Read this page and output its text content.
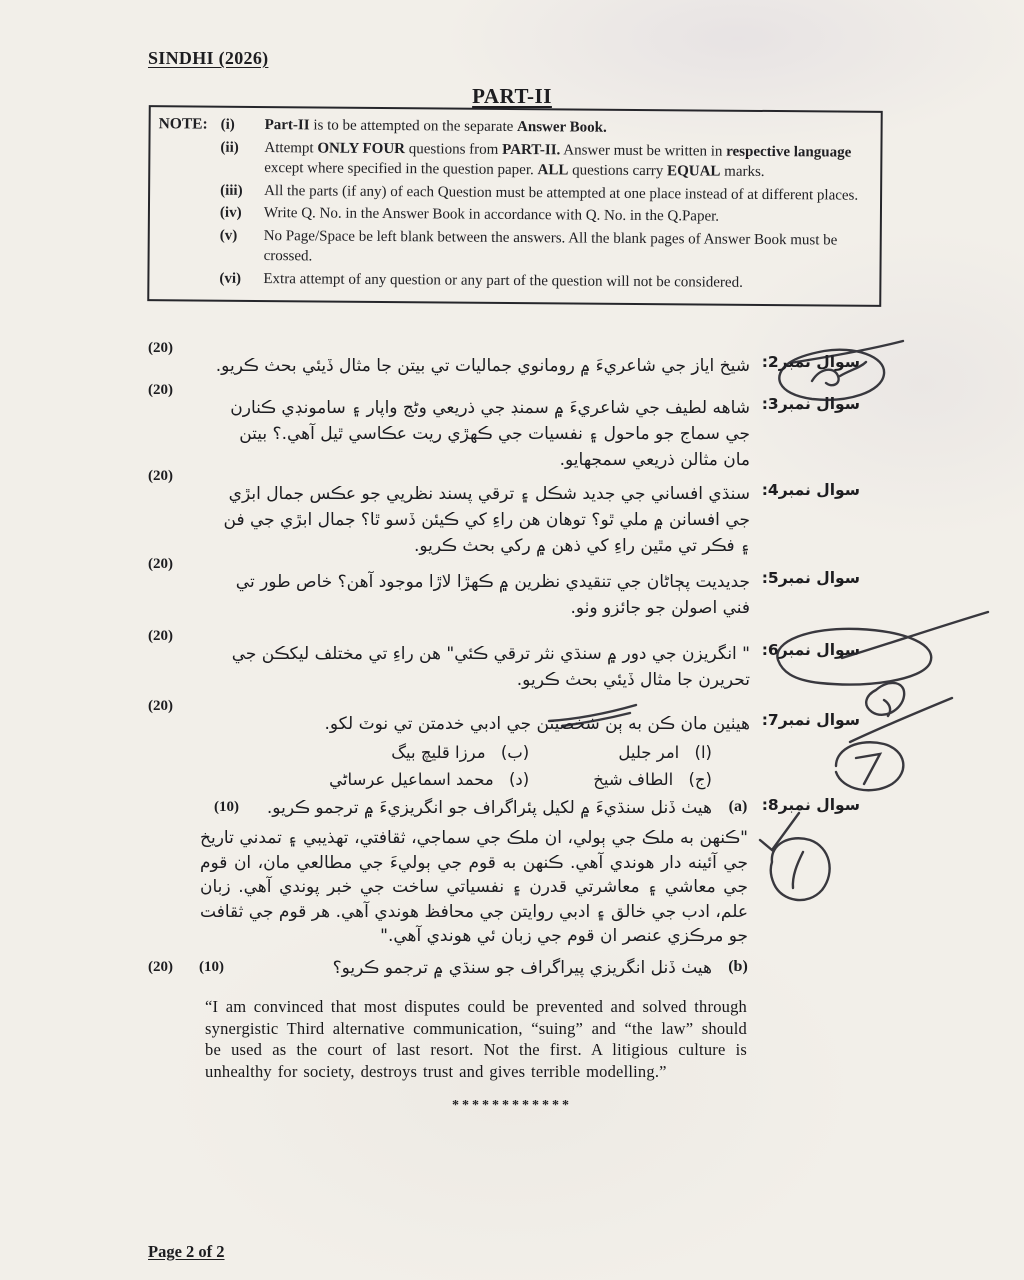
SINDHI (2026)
PART-II
NOTE: (i)	Part-II is to be attempted on the separate Answer Book.
(ii)	Attempt ONLY FOUR questions from PART-II. Answer must be written in respective language except where specified in the question paper. ALL questions carry EQUAL marks.
(iii)	All the parts (if any) of each Question must be attempted at one place instead of at different places.
(iv)	Write Q. No. in the Answer Book in accordance with Q. No. in the Q.Paper.
(v)	No Page/Space be left blank between the answers. All the blank pages of Answer Book must be crossed.
(vi)	Extra attempt of any question or any part of the question will not be considered.
(20)
شيخ اياز جي شاعريءَ ۾ رومانوي جماليات تي بيتن جا مثال ڏيئي بحث ڪريو. سوال نمبر2:
(20)
شاهه لطيف جي شاعريءَ ۾ سمنڊ جي ذريعي وڻج واپار ۽ سامونڊي ڪنارن جي سماج جو ماحول ۽ نفسيات جي ڪهڙي ريت عڪاسي ٿيل آهي.؟ بيتن مان مثالن ذريعي سمجهايو.
سوال نمبر3:
(20)
سنڌي افساني جي جديد شڪل ۽ ترقي پسند نظريي جو عڪس جمال ابڙي جي افسانن ۾ ملي ٿو؟ توهان هن راءِ کي ڪيئن ڏسو ٿا؟ جمال ابڙي جي فن ۽ فڪر تي مٿين راءِ کي ذهن ۾ رکي بحث ڪريو.
سوال نمبر4:
(20)
جديديت پڄاڻان جي تنقيدي نظرين ۾ ڪهڙا لاڙا موجود آهن؟ خاص طور تي فني اصولن جو جائزو وٺو.
سوال نمبر5:
(20)
" انگريزن جي دور ۾ سنڌي نثر ترقي ڪئي" هن راءِ تي مختلف ليکڪن جي تحريرن جا مثال ڏيئي بحث ڪريو.
سوال نمبر6:
(20)
هيٺين مان ڪن به ٻن شخصيتن جي ادبي خدمتن تي نوٽ لکو.
(ا) امر جليل
(ب) مرزا قليچ بيگ
(ج) الطاف شيخ
(د) محمد اسماعيل عرساڻي
سوال نمبر7:
(10)	هيٺ ڏنل سنڌيءَ ۾ لکيل پئراگراف جو انگريزيءَ ۾ ترجمو ڪريو.	(a) سوال نمبر8:
"ڪنهن به ملڪ جي ٻولي، ان ملڪ جي سماجي، ثقافتي، تهذيبي ۽ تمدني تاريخ جي آئينه دار هوندي آهي. ڪنهن به قوم جي ٻوليءَ جي مطالعي مان، ان قوم جي معاشي ۽ معاشرتي قدرن ۽ نفسياتي ساخت جي خبر پوندي آهي. زبان علم، ادب جي خالق ۽ ادبي روايتن جي محافظ هوندي آهي. هر قوم جي ثقافت جو مرڪزي عنصر ان قوم جي زبان ئي هوندي آهي."
(20) (10)	هيٺ ڏنل انگريزي پيراگراف جو سنڌي ۾ ترجمو ڪريو؟	(b)
“I am convinced that most disputes could be prevented and solved through synergistic Third alternative communication, “suing” and “the law” should be used as the court of last resort. Not the first. A litigious culture is unhealthy for society, destroys trust and gives terrible modelling.”
************
Page 2 of 2
